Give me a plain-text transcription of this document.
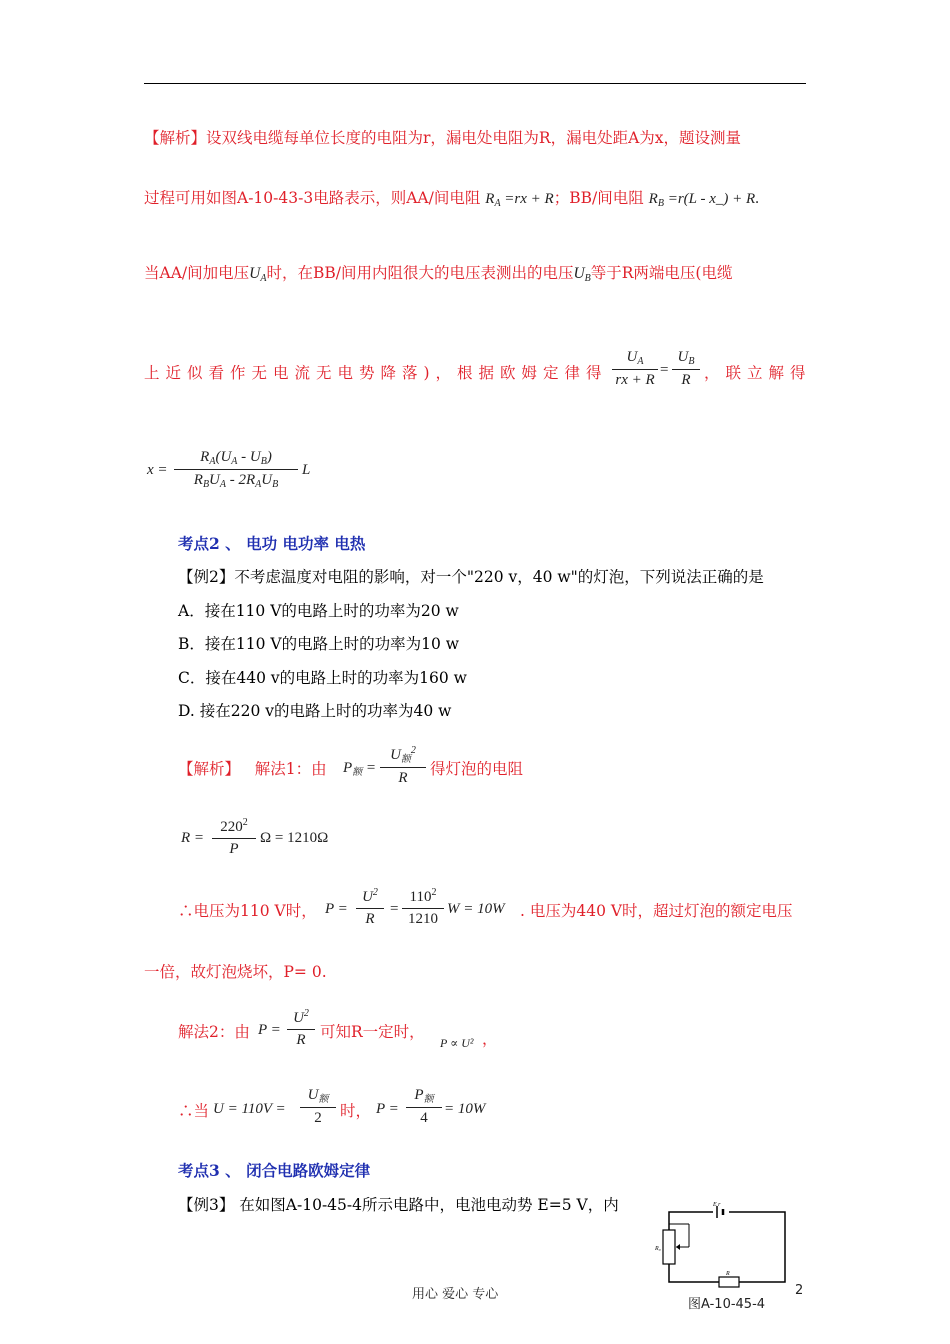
【解析】设双线电缆每单位长度的电阻为r，漏电处电阻为R，漏电处距A为x，题设测量
过程可用如图A-10-43-3电路表示，则AA/间电阻 $R_A =rx + R$；BB/间电阻 $R_B =r(L$ - x_) + R.
当AA/间加电压$U_A$时，在BB/间用内阻很大的电压表测出的电压$U_B$等于R两端电压(电缆
上近似看作无电流无电势降落)，根据欧姆定律得
$U_A$
rx + R
=
$U_B$
R ，联立解得
x =
$R_A(U_A - U_B)$
$R_BU_A - 2R_AU_B$
L
考点2 、 电功 电功率 电热
【例2】不考虑温度对电阻的影响，对一个"220 v，40 w"的灯泡，下列说法正确的是
A．接在110 V的电路上时的功率为20 w
B．接在110 V的电路上时的功率为10 w
C．接在440 v的电路上时的功率为160 w
D. 接在220 v的电路上时的功率为40 w
【解析】 解法1：由 $P_额$ =
$U_额^2$
R	得灯泡的电阻
R =
$220^2$
P
Ω = 1210Ω
∴电压为110 V时， P =
$U^2$
R
=
$110^2$
1210
W = 10W . 电压为440 V时，超过灯泡的额定电压
一倍，故灯泡烧坏，P= 0.
解法2：由 P =
$U^2$
R 可知R一定时，
P ∝ U² ，
∴当 U = 110V =
$U_额$
2	时， P =
$P_额$
4
= 10W
考点3 、 闭合电路欧姆定律
【例3】 在如图A-10-45-4所示电路中，电池电动势 E=5 V，内	E r
R₀
R
图A-10-45-4
用心 爱心 专心	2
